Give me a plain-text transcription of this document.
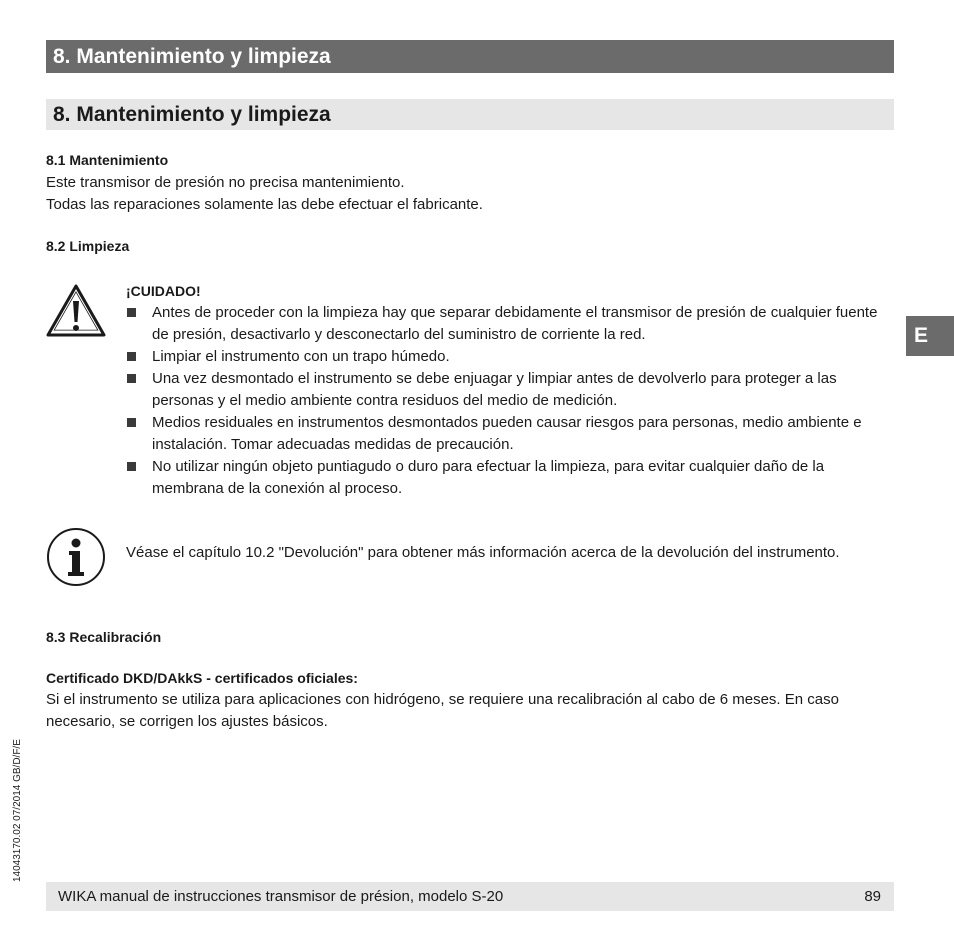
8. Mantenimiento y limpieza
8. Mantenimiento y limpieza
8.1 Mantenimiento
Este transmisor de presión no precisa mantenimiento.
Todas las reparaciones solamente las debe efectuar el fabricante.
8.2 Limpieza
¡CUIDADO!
Antes de proceder con la limpieza hay que separar debidamente el transmisor de presión de cualquier fuente de presión, desactivarlo y desconectarlo del suministro de corriente la red.
Limpiar el instrumento con un trapo húmedo.
Una vez desmontado el instrumento se debe enjuagar y limpiar antes de devolverlo para proteger a las personas y el medio ambiente contra residuos del medio de medición.
Medios residuales en instrumentos desmontados pueden causar riesgos para personas, medio ambiente e instalación. Tomar adecuadas medidas de precaución.
No utilizar ningún objeto puntiagudo o duro para efectuar la limpieza, para evitar cualquier daño de la membrana de la conexión al proceso.
Véase el capítulo 10.2 "Devolución" para obtener más información acerca de la devolución del instrumento.
8.3 Recalibración
Certificado DKD/DAkkS - certificados oficiales:
Si el instrumento se utiliza para aplicaciones con hidrógeno, se requiere una recalibración al cabo de 6 meses. En caso necesario, se corrigen los ajustes básicos.
E
14043170.02 07/2014 GB/D/F/E
WIKA manual de instrucciones transmisor de présion, modelo S-20	89
